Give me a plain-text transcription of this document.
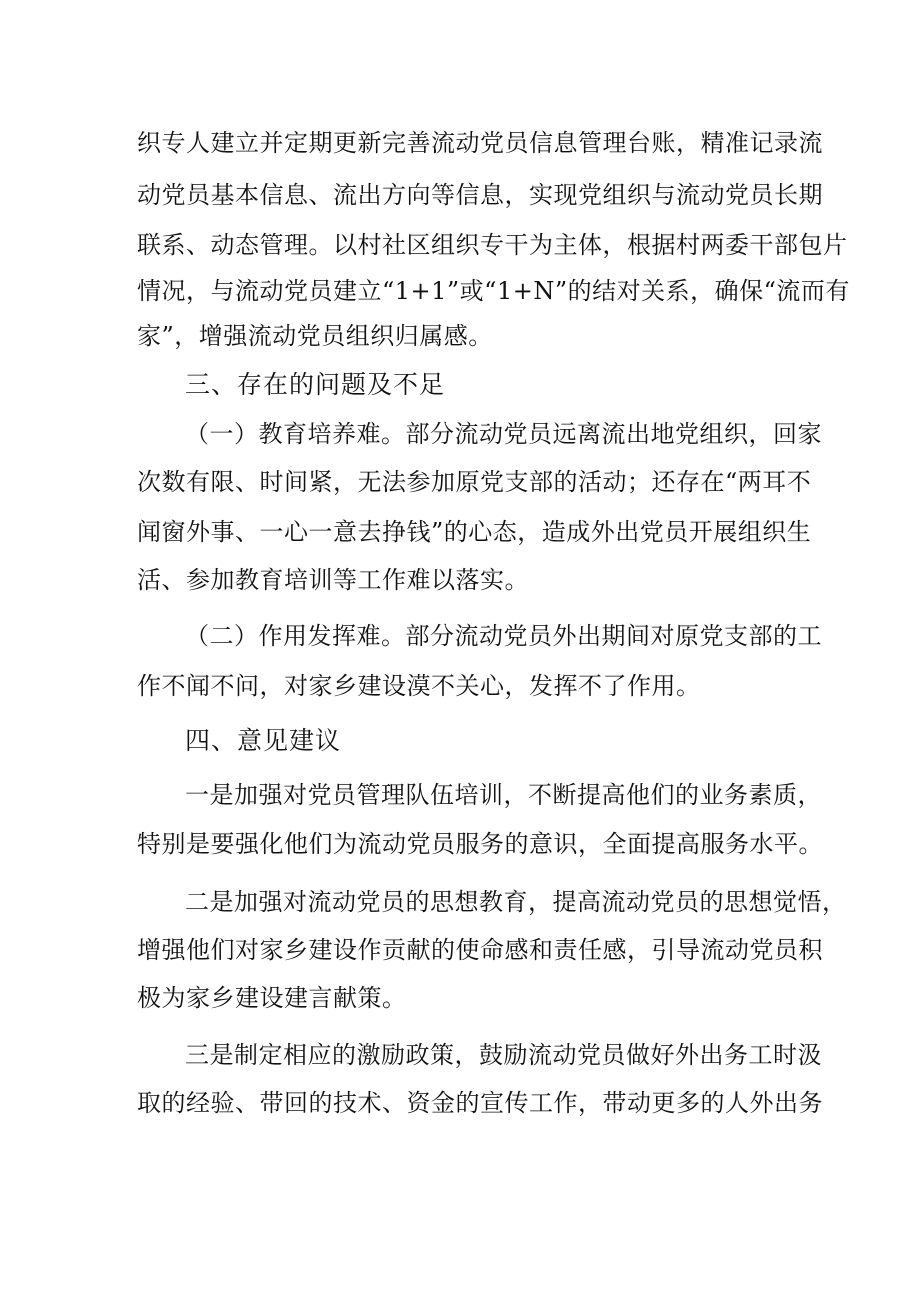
织专人建立并定期更新完善流动党员信息管理台账，精准记录流
动党员基本信息、流出方向等信息，实现党组织与流动党员长期
联系、动态管理。以村社区组织专干为主体，根据村两委干部包片
情况，与流动党员建立“1+1”或“1+N”的结对关系，确保“流而有
家”，增强流动党员组织归属感。
三、存在的问题及不足
（一）教育培养难。部分流动党员远离流出地党组织，回家
次数有限、时间紧，无法参加原党支部的活动；还存在“两耳不
闻窗外事、一心一意去挣钱”的心态，造成外出党员开展组织生
活、参加教育培训等工作难以落实。
（二）作用发挥难。部分流动党员外出期间对原党支部的工
作不闻不问，对家乡建设漠不关心，发挥不了作用。
四、意见建议
一是加强对党员管理队伍培训，不断提高他们的业务素质，
特别是要强化他们为流动党员服务的意识，全面提高服务水平。
二是加强对流动党员的思想教育，提高流动党员的思想觉悟，
增强他们对家乡建设作贡献的使命感和责任感，引导流动党员积
极为家乡建设建言献策。
三是制定相应的激励政策，鼓励流动党员做好外出务工时汲
取的经验、带回的技术、资金的宣传工作，带动更多的人外出务
